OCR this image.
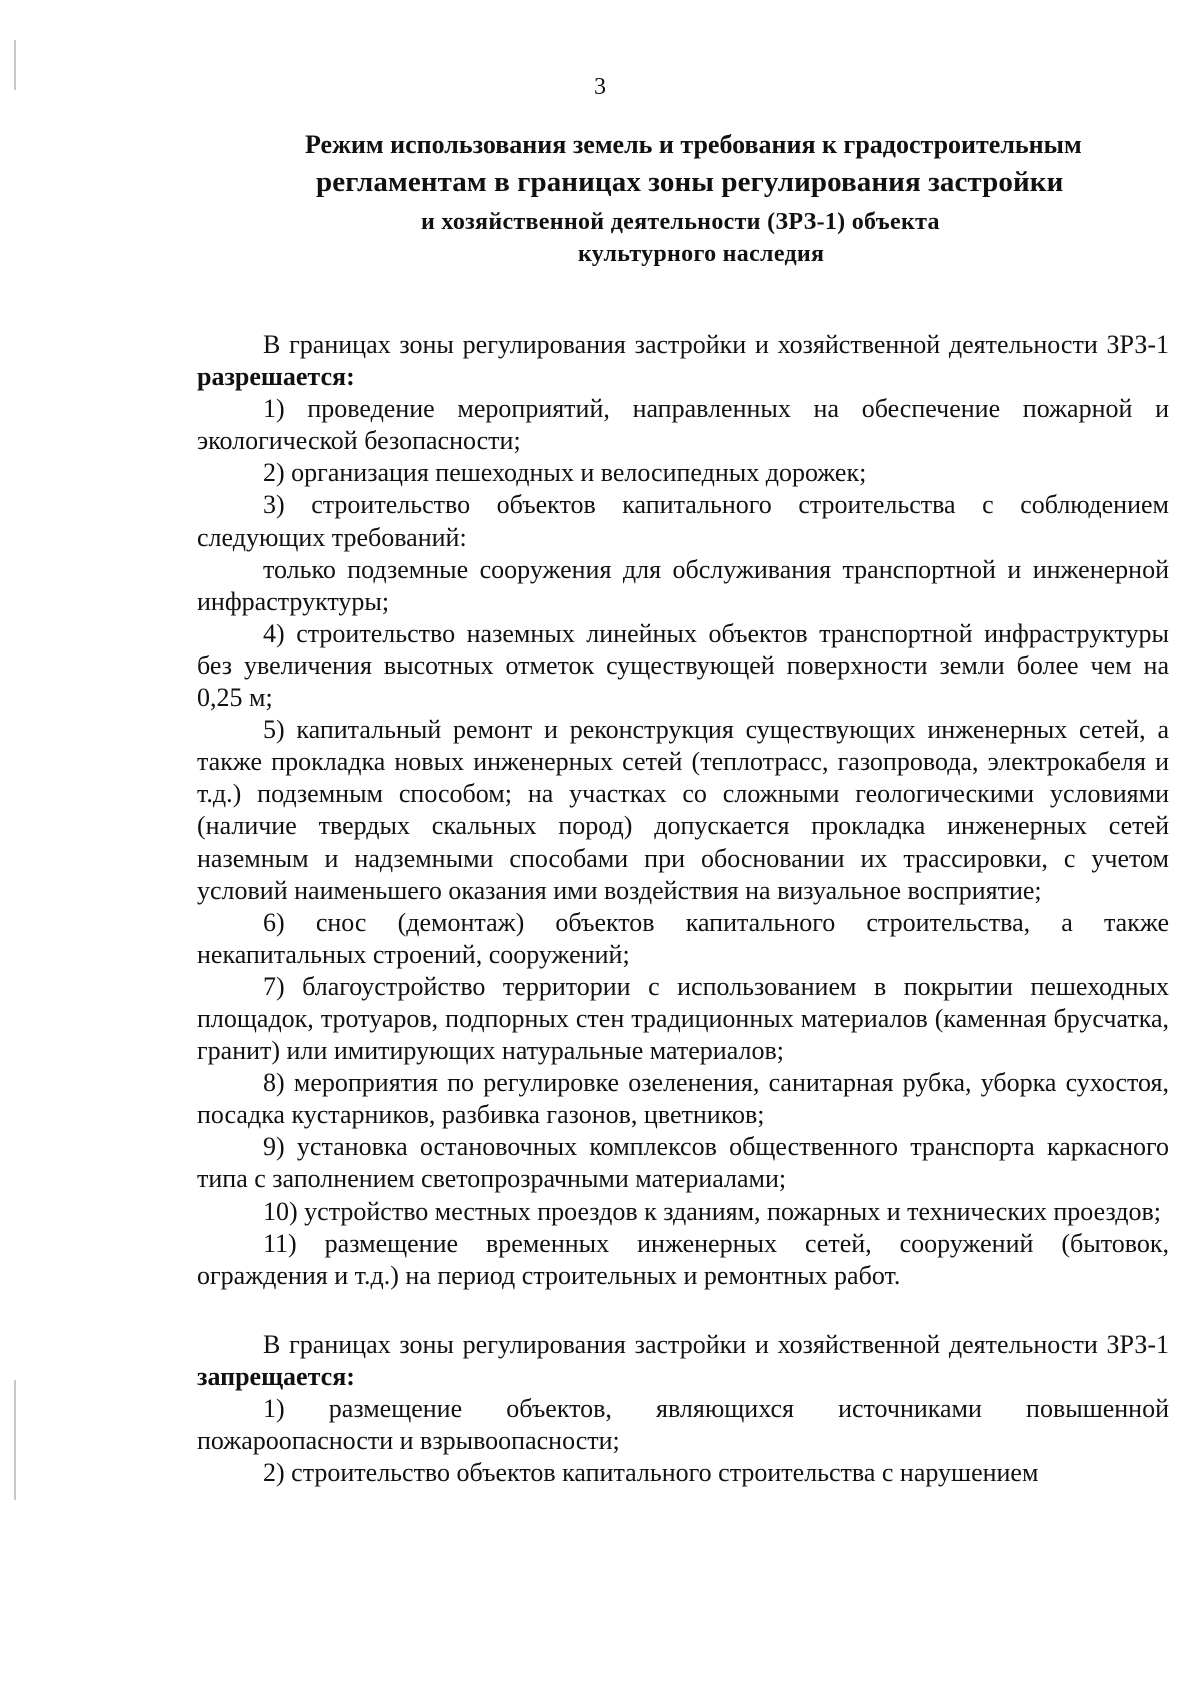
3
Режим использования земель и требования к градостроительным
регламентам в границах зоны регулирования застройки
и хозяйственной деятельности (ЗРЗ-1) объекта
культурного наследия

В границах зоны регулирования застройки и хозяйственной деятельности ЗРЗ-1 разрешается:

1) проведение мероприятий, направленных на обеспечение пожарной и экологической безопасности;

2) организация пешеходных и велосипедных дорожек;

3) строительство объектов капитального строительства с соблюдением следующих требований:

только подземные сооружения для обслуживания транспортной и инженерной инфраструктуры;

4) строительство наземных линейных объектов транспортной инфраструктуры без увеличения высотных отметок существующей поверхности земли более чем на 0,25 м;

5) капитальный ремонт и реконструкция существующих инженерных сетей, а также прокладка новых инженерных сетей (теплотрасс, газопровода, электрокабеля и т.д.) подземным способом; на участках со сложными геологическими условиями (наличие твердых скальных пород) допускается прокладка инженерных сетей наземным и надземными способами при обосновании их трассировки, с учетом условий наименьшего оказания ими воздействия на визуальное восприятие;

6) снос (демонтаж) объектов капитального строительства, а также некапитальных строений, сооружений;

7) благоустройство территории с использованием в покрытии пешеходных площадок, тротуаров, подпорных стен традиционных материалов (каменная брусчатка, гранит) или имитирующих натуральные материалов;

8) мероприятия по регулировке озеленения, санитарная рубка, уборка сухостоя, посадка кустарников, разбивка газонов, цветников;

9) установка остановочных комплексов общественного транспорта каркасного типа с заполнением светопрозрачными материалами;

10) устройство местных проездов к зданиям, пожарных и технических проездов;

11) размещение временных инженерных сетей, сооружений (бытовок, ограждения и т.д.) на период строительных и ремонтных работ.

В границах зоны регулирования застройки и хозяйственной деятельности ЗРЗ-1 запрещается:

1) размещение объектов, являющихся источниками повышенной пожароопасности и взрывоопасности;

2) строительство объектов капитального строительства с нарушением
